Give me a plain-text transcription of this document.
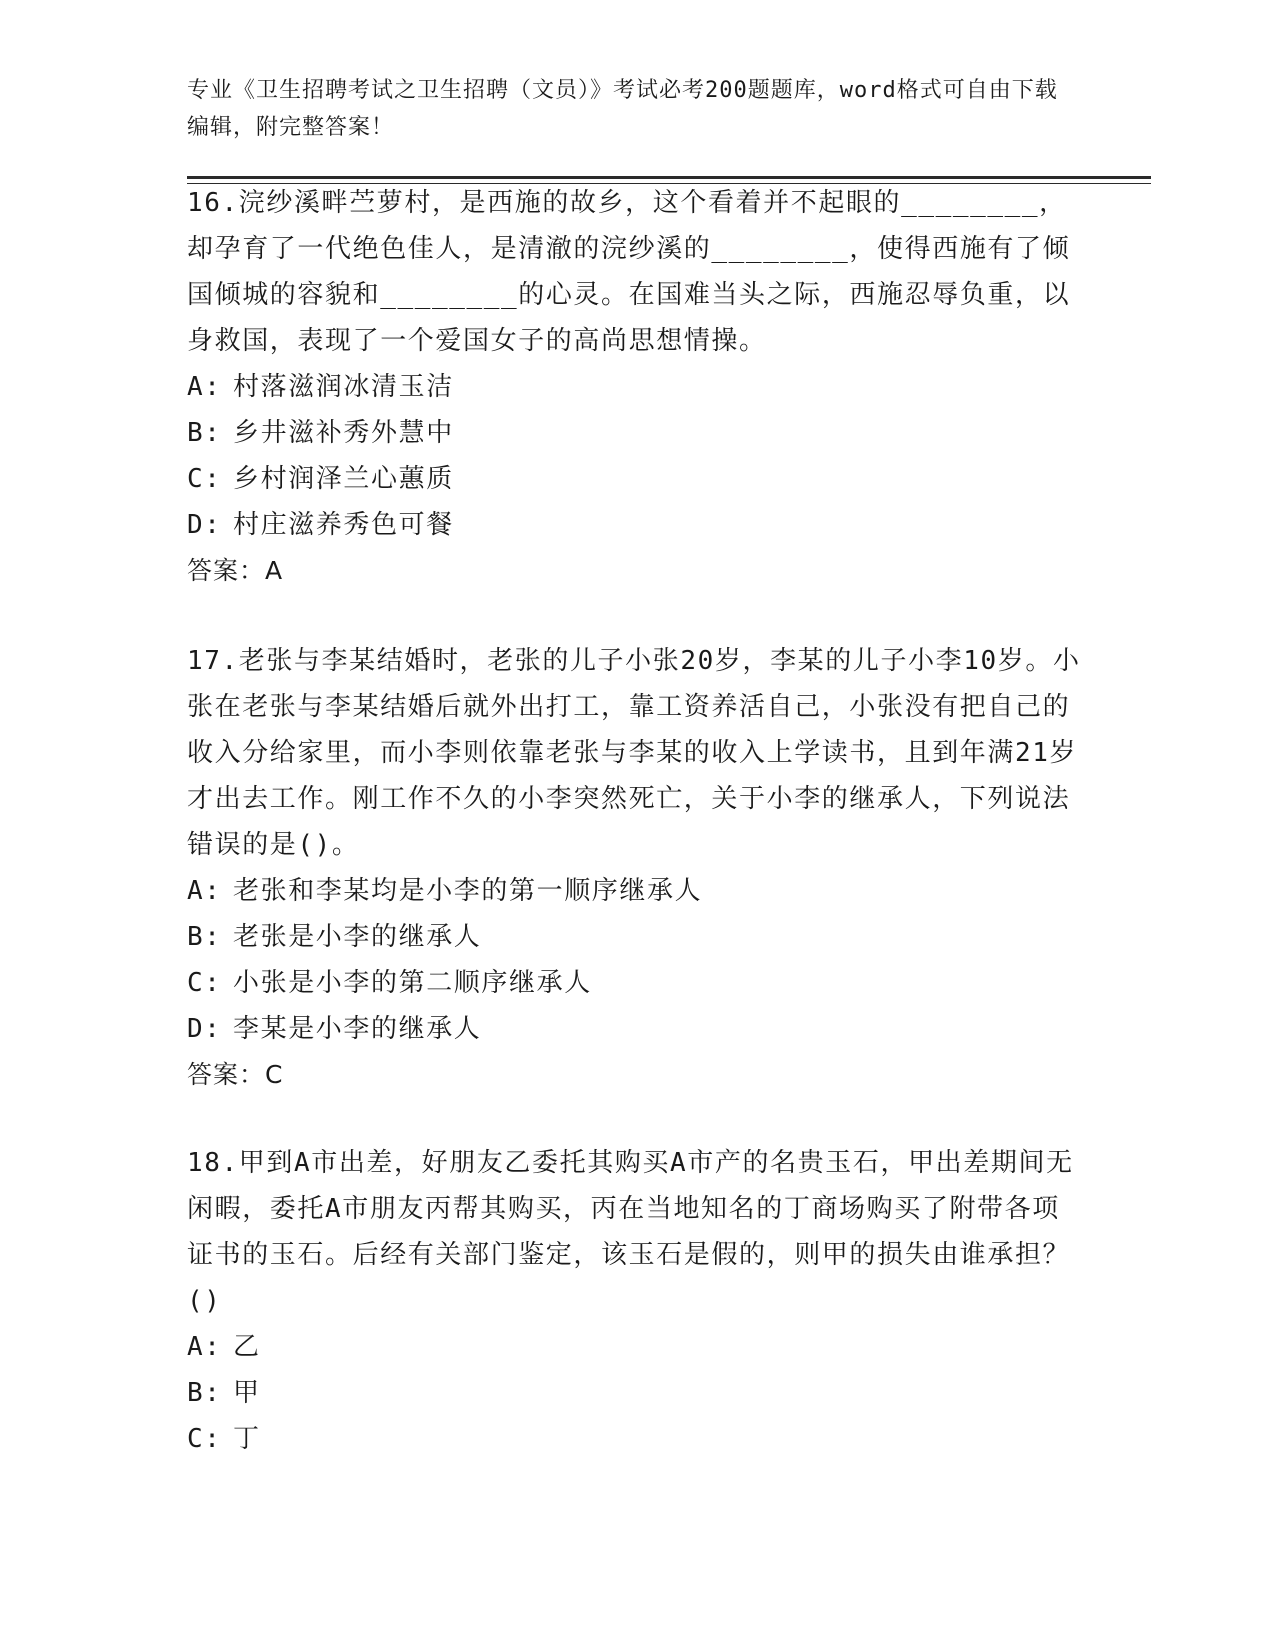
专业《卫生招聘考试之卫生招聘（文员）》考试必考200题题库，word格式可自由下载编辑，附完整答案！

16.浣纱溪畔苎萝村，是西施的故乡，这个看着并不起眼的________，却孕育了一代绝色佳人，是清澈的浣纱溪的________，使得西施有了倾国倾城的容貌和________的心灵。在国难当头之际，西施忍辱负重，以身救国，表现了一个爱国女子的高尚思想情操。

A: 村落滋润冰清玉洁
B: 乡井滋补秀外慧中
C: 乡村润泽兰心蕙质
D: 村庄滋养秀色可餐

答案：A

17.老张与李某结婚时，老张的儿子小张20岁，李某的儿子小李10岁。小张在老张与李某结婚后就外出打工，靠工资养活自己，小张没有把自己的收入分给家里，而小李则依靠老张与李某的收入上学读书，且到年满21岁才出去工作。刚工作不久的小李突然死亡，关于小李的继承人，下列说法错误的是()。

A: 老张和李某均是小李的第一顺序继承人
B: 老张是小李的继承人
C: 小张是小李的第二顺序继承人
D: 李某是小李的继承人

答案：C

18.甲到A市出差，好朋友乙委托其购买A市产的名贵玉石，甲出差期间无闲暇，委托A市朋友丙帮其购买，丙在当地知名的丁商场购买了附带各项证书的玉石。后经有关部门鉴定，该玉石是假的，则甲的损失由谁承担？()

A: 乙
B: 甲
C: 丁
